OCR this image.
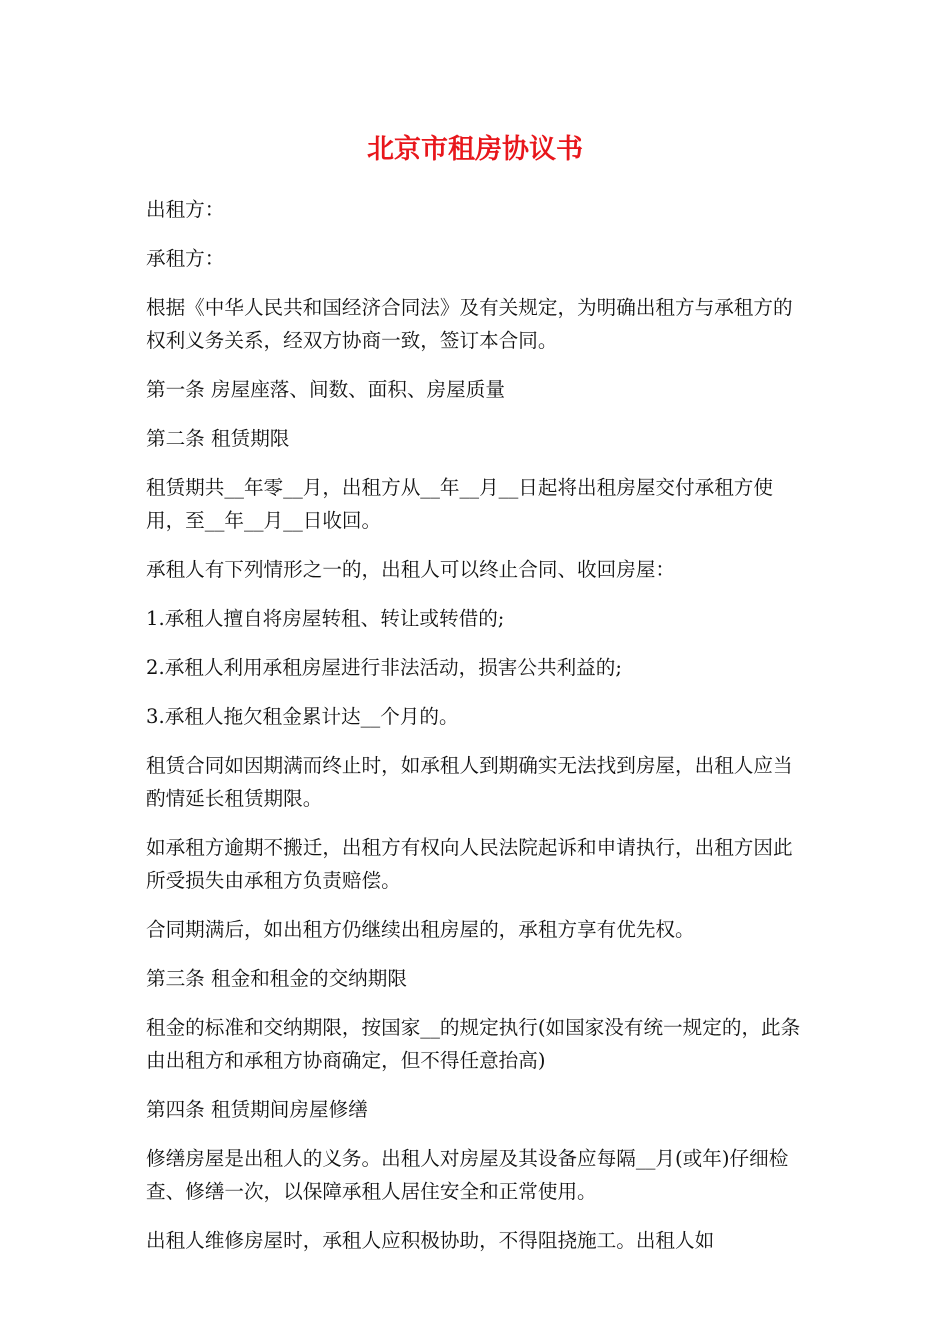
北京市租房协议书

出租方：

承租方：

根据《中华人民共和国经济合同法》及有关规定，为明确出租方与承租方的权利义务关系，经双方协商一致，签订本合同。

第一条 房屋座落、间数、面积、房屋质量

第二条 租赁期限

租赁期共__年零__月，出租方从__年__月__日起将出租房屋交付承租方使用，至__年__月__日收回。

承租人有下列情形之一的，出租人可以终止合同、收回房屋：

1.承租人擅自将房屋转租、转让或转借的;

2.承租人利用承租房屋进行非法活动，损害公共利益的;

3.承租人拖欠租金累计达__个月的。

租赁合同如因期满而终止时，如承租人到期确实无法找到房屋，出租人应当酌情延长租赁期限。

如承租方逾期不搬迁，出租方有权向人民法院起诉和申请执行，出租方因此所受损失由承租方负责赔偿。

合同期满后，如出租方仍继续出租房屋的，承租方享有优先权。

第三条 租金和租金的交纳期限

租金的标准和交纳期限，按国家__的规定执行(如国家没有统一规定的，此条由出租方和承租方协商确定，但不得任意抬高)

第四条 租赁期间房屋修缮

修缮房屋是出租人的义务。出租人对房屋及其设备应每隔__月(或年)仔细检查、修缮一次，以保障承租人居住安全和正常使用。

出租人维修房屋时，承租人应积极协助，不得阻挠施工。出租人如
